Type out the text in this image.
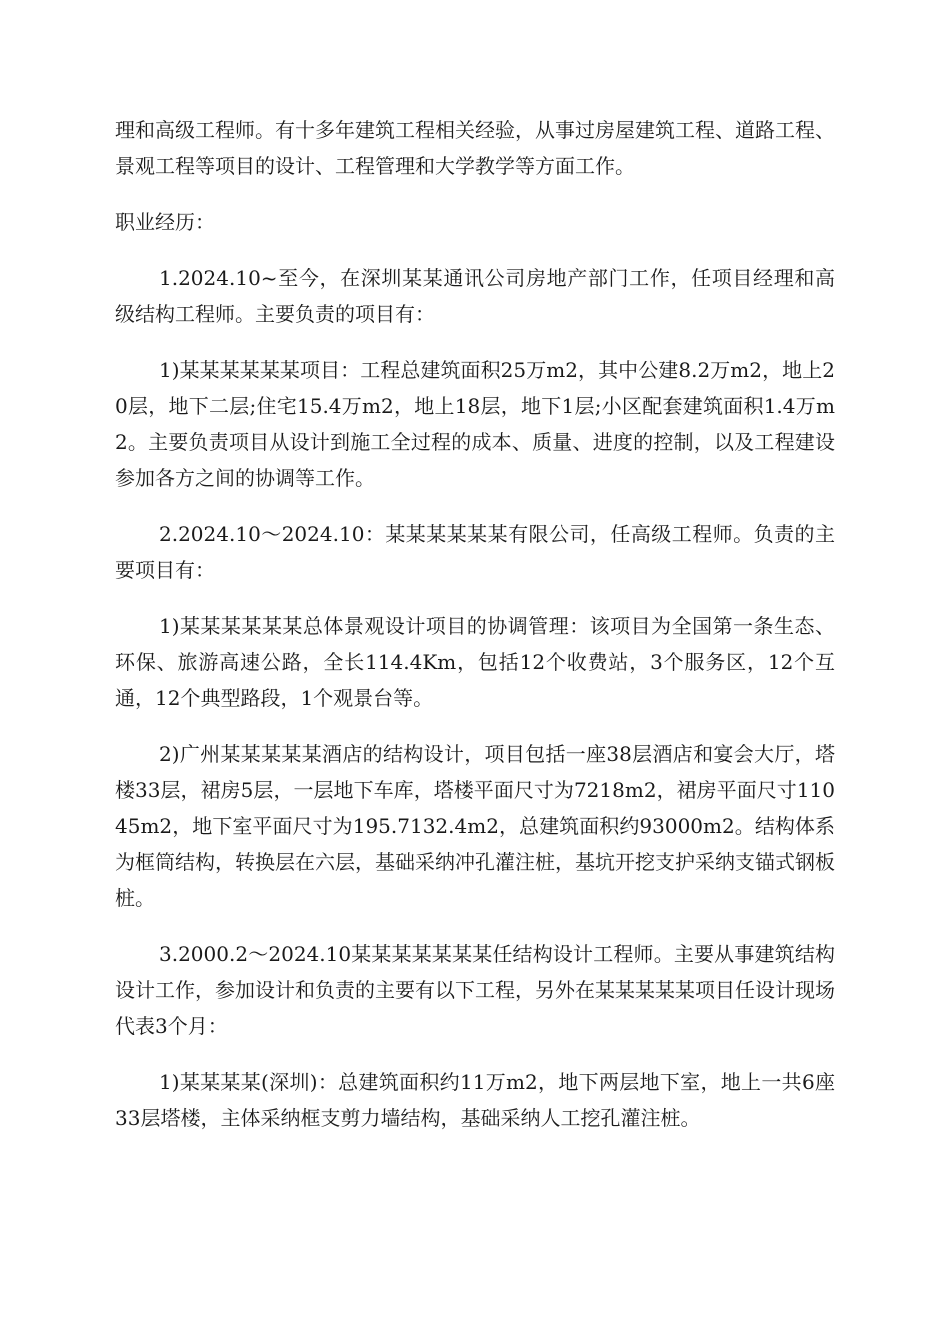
理和高级工程师。有十多年建筑工程相关经验，从事过房屋建筑工程、道路工程、景观工程等项目的设计、工程管理和大学教学等方面工作。

职业经历：

1.2024.10~至今，在深圳某某通讯公司房地产部门工作，任项目经理和高级结构工程师。主要负责的项目有：

1)某某某某某某项目：工程总建筑面积25万m2，其中公建8.2万m2，地上20层，地下二层;住宅15.4万m2，地上18层，地下1层;小区配套建筑面积1.4万m2。主要负责项目从设计到施工全过程的成本、质量、进度的控制，以及工程建设参加各方之间的协调等工作。

2.2024.10～2024.10：某某某某某某有限公司，任高级工程师。负责的主要项目有：

1)某某某某某某总体景观设计项目的协调管理：该项目为全国第一条生态、环保、旅游高速公路，全长114.4Km，包括12个收费站，3个服务区，12个互通，12个典型路段，1个观景台等。

2)广州某某某某某酒店的结构设计，项目包括一座38层酒店和宴会大厅，塔楼33层，裙房5层，一层地下车库，塔楼平面尺寸为7218m2，裙房平面尺寸11045m2，地下室平面尺寸为195.7132.4m2，总建筑面积约93000m2。结构体系为框筒结构，转换层在六层，基础采纳冲孔灌注桩，基坑开挖支护采纳支锚式钢板桩。

3.2000.2～2024.10某某某某某某某任结构设计工程师。主要从事建筑结构设计工作，参加设计和负责的主要有以下工程，另外在某某某某某项目任设计现场代表3个月：

1)某某某某(深圳)：总建筑面积约11万m2，地下两层地下室，地上一共6座33层塔楼，主体采纳框支剪力墙结构，基础采纳人工挖孔灌注桩。
